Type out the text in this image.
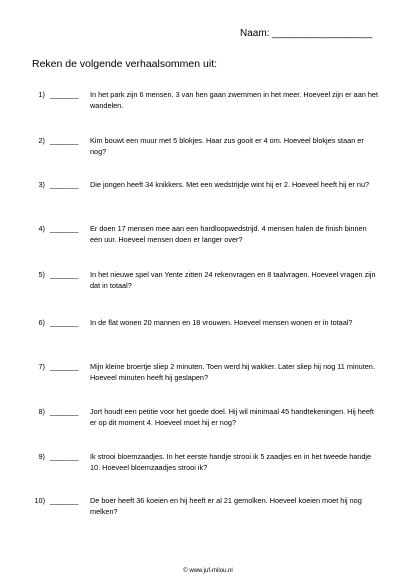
Naam: __________________
Reken de volgende verhaalsommen uit:
1) _______ In het park zijn 6 mensen. 3 van hen gaan zwemmen in het meer. Hoeveel zijn er aan het wandelen.
2) _______ Kim bouwt een muur met 5 blokjes. Haar zus gooit er 4 om. Hoeveel blokjes staan er nog?
3) _______ Die jongen heeft 34 knikkers. Met een wedstrijdje wint hij er 2. Hoeveel heeft hij er nu?
4) _______ Er doen 17 mensen mee aan een hardloopwedstrijd. 4 mensen halen de finish binnen een uur. Hoeveel mensen doen er langer over?
5) _______ In het nieuwe spel van Yente zitten 24 rekenvragen en 8 taalvragen. Hoeveel vragen zijn dat in totaal?
6) _______ In de flat wonen 20 mannen en 18 vrouwen. Hoeveel mensen wonen er in totaal?
7) _______ Mijn kleine broertje sliep 2 minuten. Toen werd hij wakker. Later sliep hij nog 11 minuten. Hoeveel minuten heeft hij geslapen?
8) _______ Jort houdt een petitie voor het goede doel. Hij wil minimaal 45 handtekeningen. Hij heeft er op dit moment 4. Hoeveel moet hij er nog?
9) _______ Ik strooi bloemzaadjes. In het eerste handje strooi ik 5 zaadjes en in het tweede handje 10. Hoeveel bloemzaadjes strooi ik?
10) _______ De boer heeft 36 koeien en hij heeft er al 21 gemolken. Hoeveel koeien moet hij nog melken?
© www.juf-milou.nl
